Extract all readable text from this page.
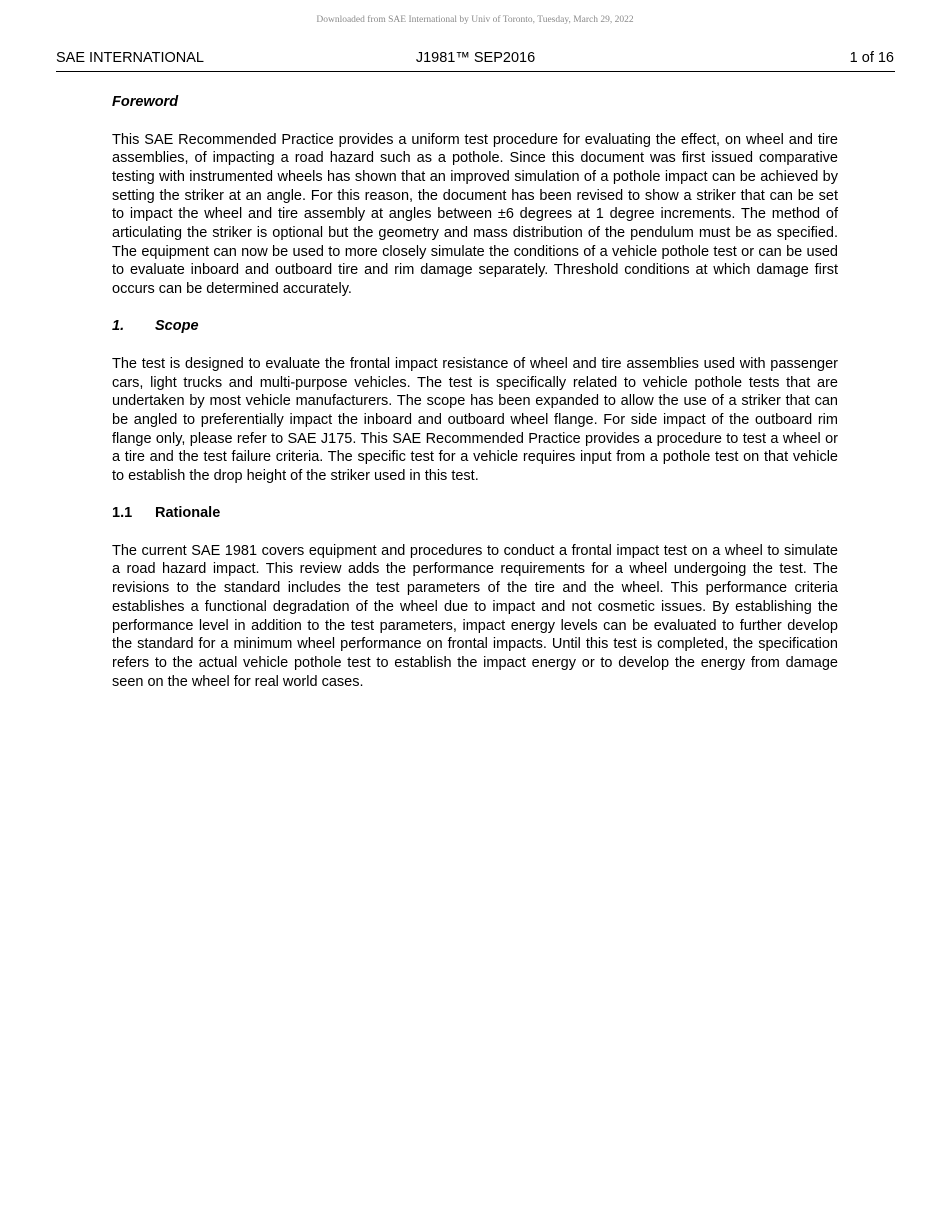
Downloaded from SAE International by Univ of Toronto, Tuesday, March 29, 2022
SAE INTERNATIONAL	J1981™ SEP2016	1 of 16
Foreword

This SAE Recommended Practice provides a uniform test procedure for evaluating the effect, on wheel and tire assemblies, of impacting a road hazard such as a pothole. Since this document was first issued comparative testing with instrumented wheels has shown that an improved simulation of a pothole impact can be achieved by setting the striker at an angle. For this reason, the document has been revised to show a striker that can be set to impact the wheel and tire assembly at angles between ±6 degrees at 1 degree increments. The method of articulating the striker is optional but the geometry and mass distribution of the pendulum must be as specified. The equipment can now be used to more closely simulate the conditions of a vehicle pothole test or can be used to evaluate inboard and outboard tire and rim damage separately. Threshold conditions at which damage first occurs can be determined accurately.

1. Scope

The test is designed to evaluate the frontal impact resistance of wheel and tire assemblies used with passenger cars, light trucks and multi-purpose vehicles. The test is specifically related to vehicle pothole tests that are undertaken by most vehicle manufacturers. The scope has been expanded to allow the use of a striker that can be angled to preferentially impact the inboard and outboard wheel flange. For side impact of the outboard rim flange only, please refer to SAE J175. This SAE Recommended Practice provides a procedure to test a wheel or a tire and the test failure criteria. The specific test for a vehicle requires input from a pothole test on that vehicle to establish the drop height of the striker used in this test.

1.1 Rationale

The current SAE 1981 covers equipment and procedures to conduct a frontal impact test on a wheel to simulate a road hazard impact. This review adds the performance requirements for a wheel undergoing the test. The revisions to the standard includes the test parameters of the tire and the wheel. This performance criteria establishes a functional degradation of the wheel due to impact and not cosmetic issues. By establishing the performance level in addition to the test parameters, impact energy levels can be evaluated to further develop the standard for a minimum wheel performance on frontal impacts. Until this test is completed, the specification refers to the actual vehicle pothole test to establish the impact energy or to develop the energy from damage seen on the wheel for real world cases.
